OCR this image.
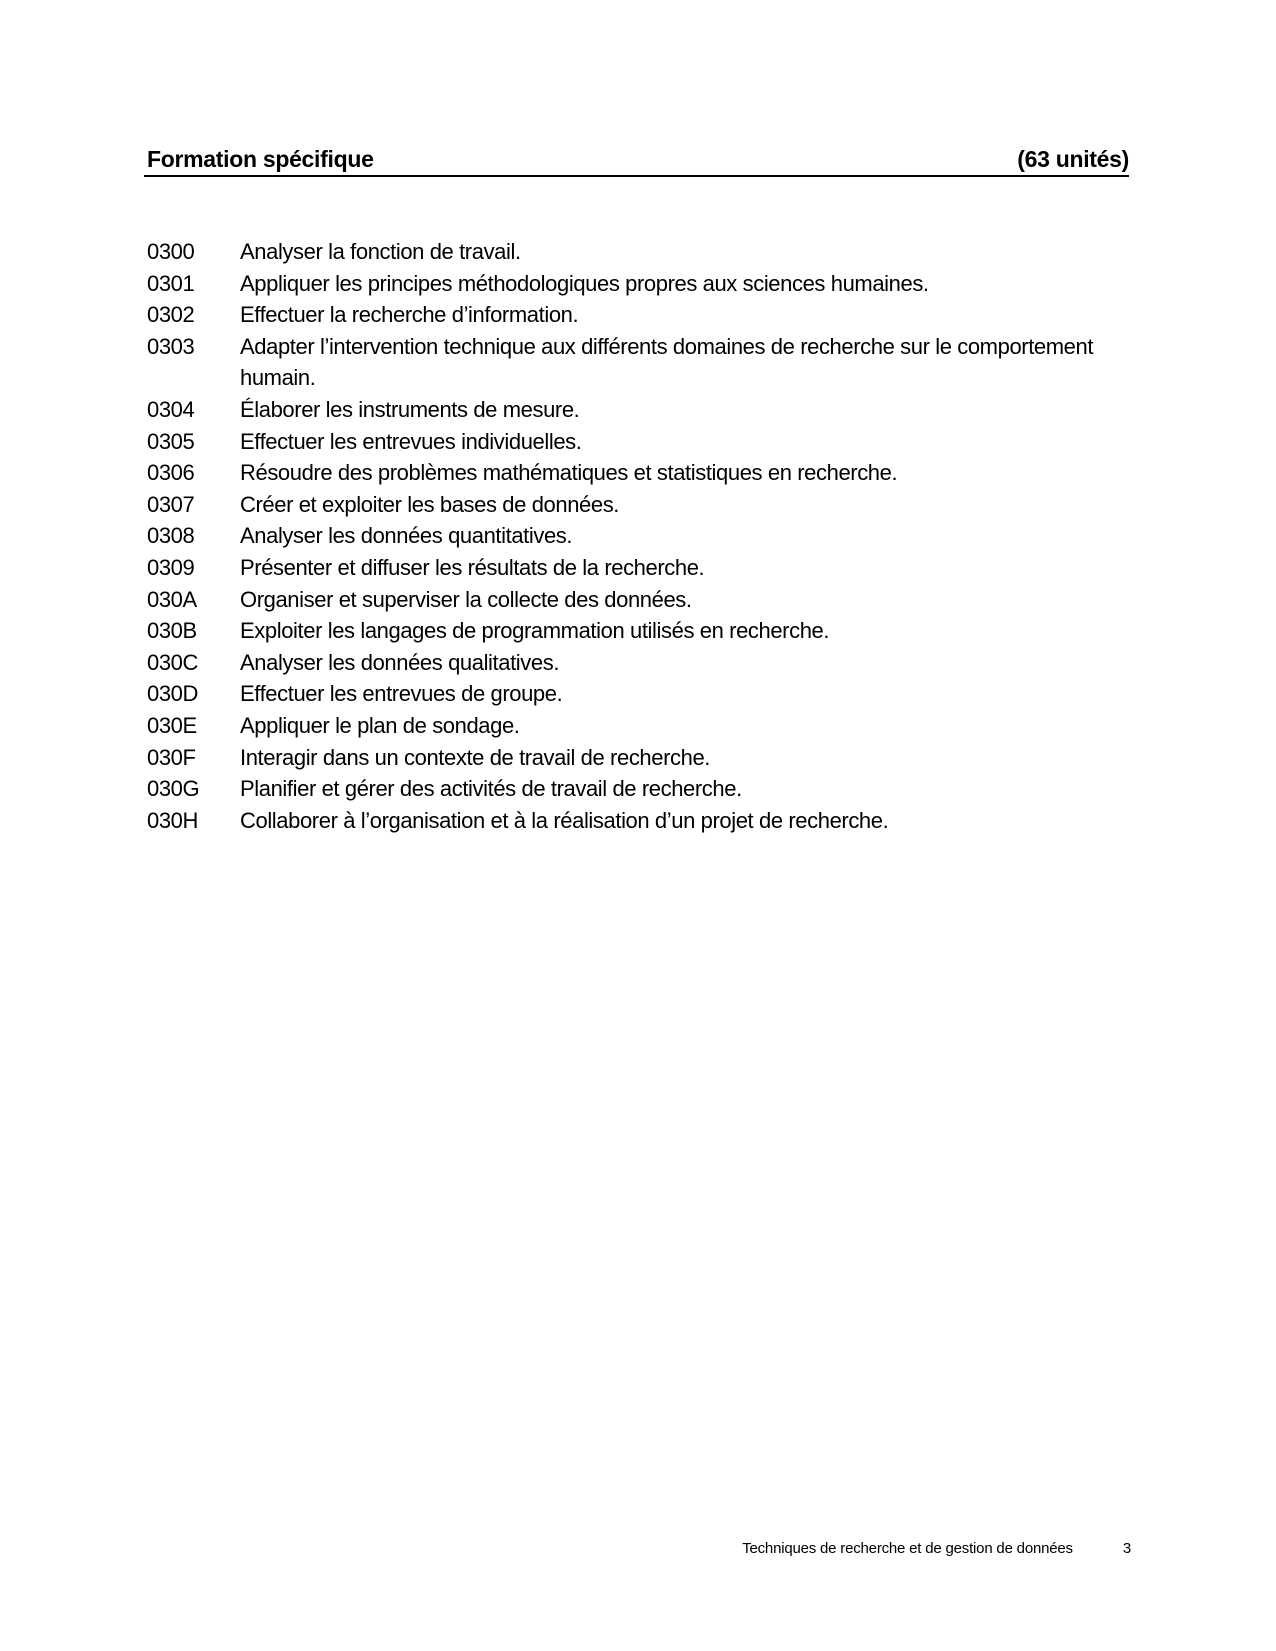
Formation spécifique	(63 unités)
0300	Analyser la fonction de travail.
0301	Appliquer les principes méthodologiques propres aux sciences humaines.
0302	Effectuer la recherche d’information.
0303	Adapter l’intervention technique aux différents domaines de recherche sur le comportement humain.
0304	Élaborer les instruments de mesure.
0305	Effectuer les entrevues individuelles.
0306	Résoudre des problèmes mathématiques et statistiques en recherche.
0307	Créer et exploiter les bases de données.
0308	Analyser les données quantitatives.
0309	Présenter et diffuser les résultats de la recherche.
030A	Organiser et superviser la collecte des données.
030B	Exploiter les langages de programmation utilisés en recherche.
030C	Analyser les données qualitatives.
030D	Effectuer les entrevues de groupe.
030E	Appliquer le plan de sondage.
030F	Interagir dans un contexte de travail de recherche.
030G	Planifier et gérer des activités de travail de recherche.
030H	Collaborer à l’organisation et à la réalisation d’un projet de recherche.
Techniques de recherche et de gestion de données	3
